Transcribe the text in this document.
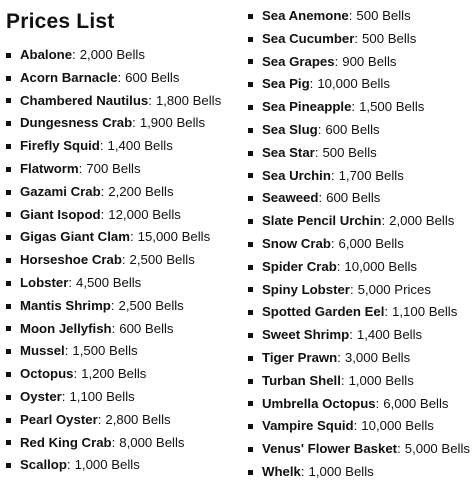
Prices List
Abalone : 2,000 Bells
Acorn Barnacle : 600 Bells
Chambered Nautilus : 1,800 Bells
Dungesness Crab : 1,900 Bells
Firefly Squid : 1,400 Bells
Flatworm : 700 Bells
Gazami Crab : 2,200 Bells
Giant Isopod : 12,000 Bells
Gigas Giant Clam : 15,000 Bells
Horseshoe Crab : 2,500 Bells
Lobster : 4,500 Bells
Mantis Shrimp : 2,500 Bells
Moon Jellyfish : 600 Bells
Mussel : 1,500 Bells
Octopus : 1,200 Bells
Oyster : 1,100 Bells
Pearl Oyster : 2,800 Bells
Red King Crab : 8,000 Bells
Scallop : 1,000 Bells
Sea Anemone : 500 Bells
Sea Cucumber : 500 Bells
Sea Grapes : 900 Bells
Sea Pig : 10,000 Bells
Sea Pineapple : 1,500 Bells
Sea Slug : 600 Bells
Sea Star : 500 Bells
Sea Urchin : 1,700 Bells
Seaweed : 600 Bells
Slate Pencil Urchin : 2,000 Bells
Snow Crab : 6,000 Bells
Spider Crab : 10,000 Bells
Spiny Lobster : 5,000 Prices
Spotted Garden Eel : 1,100 Bells
Sweet Shrimp : 1,400 Bells
Tiger Prawn : 3,000 Bells
Turban Shell : 1,000 Bells
Umbrella Octopus : 6,000 Bells
Vampire Squid : 10,000 Bells
Venus' Flower Basket : 5,000 Bells
Whelk : 1,000 Bells
